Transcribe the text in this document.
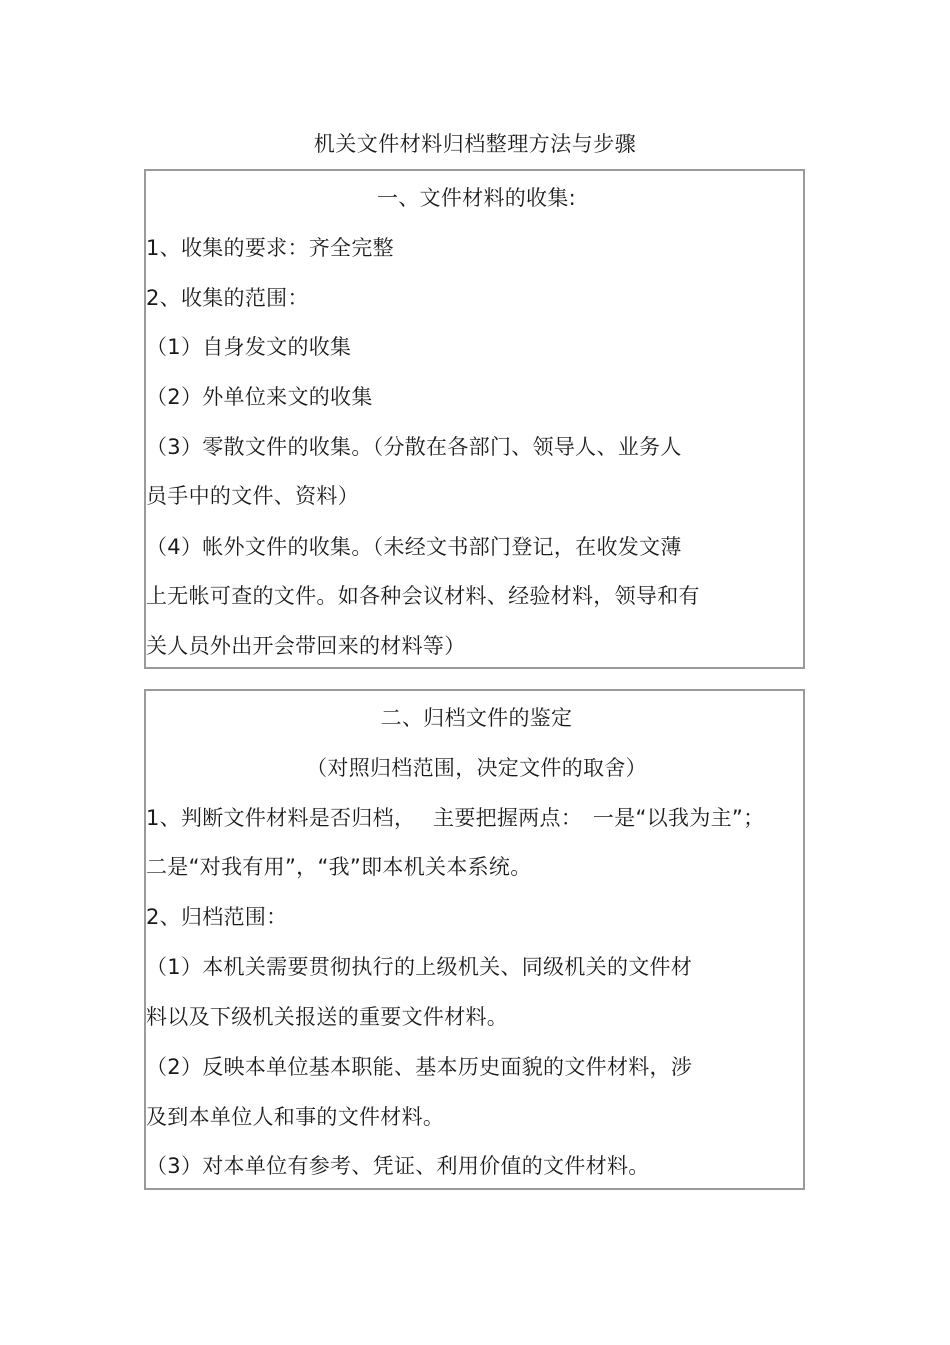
机关文件材料归档整理方法与步骤
一、文件材料的收集:
1、收集的要求：齐全完整
2、收集的范围：
（1）自身发文的收集
（2）外单位来文的收集
（3）零散文件的收集。（分散在各部门、领导人、业务人
员手中的文件、资料）
（4）帐外文件的收集。（未经文书部门登记，在收发文薄
上无帐可查的文件。如各种会议材料、经验材料，领导和有
关人员外出开会带回来的材料等）
二、归档文件的鉴定
（对照归档范围，决定文件的取舍）
1、判断文件材料是否归档，　 主要把握两点：　一是“以我为主”；
二是“对我有用”，“我”即本机关本系统。
2、归档范围：
（1）本机关需要贯彻执行的上级机关、同级机关的文件材
料以及下级机关报送的重要文件材料。
（2）反映本单位基本职能、基本历史面貌的文件材料，涉
及到本单位人和事的文件材料。
（3）对本单位有参考、凭证、利用价值的文件材料。
